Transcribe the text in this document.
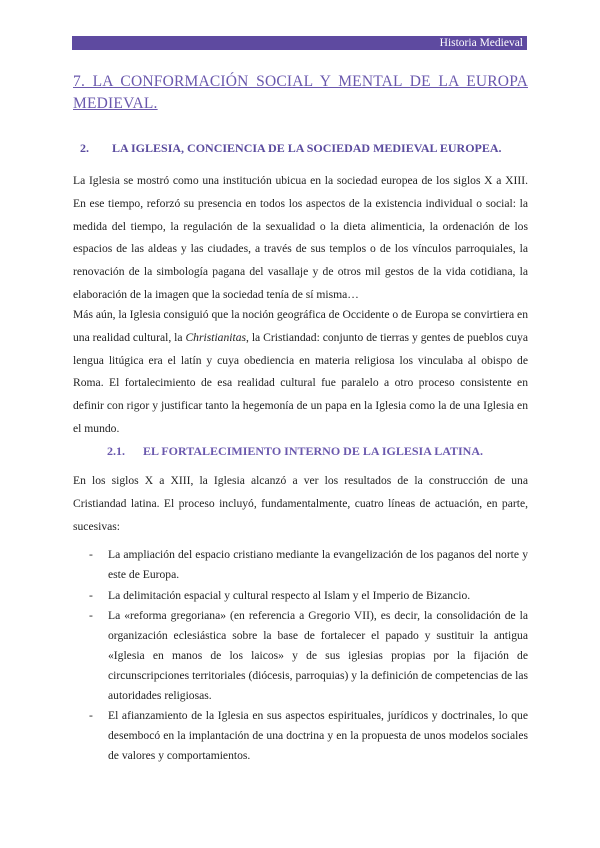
Historia Medieval
7. LA CONFORMACIÓN SOCIAL Y MENTAL DE LA EUROPA
MEDIEVAL.
2. LA IGLESIA, CONCIENCIA DE LA SOCIEDAD MEDIEVAL EUROPEA.

La Iglesia se mostró como una institución ubicua en la sociedad europea de los siglos X a XIII. En ese tiempo, reforzó su presencia en todos los aspectos de la existencia individual o social: la medida del tiempo, la regulación de la sexualidad o la dieta alimenticia, la ordenación de los espacios de las aldeas y las ciudades, a través de sus templos o de los vínculos parroquiales, la renovación de la simbología pagana del vasallaje y de otros mil gestos de la vida cotidiana, la elaboración de la imagen que la sociedad tenía de sí misma…

Más aún, la Iglesia consiguió que la noción geográfica de Occidente o de Europa se convirtiera en una realidad cultural, la Christianitas, la Cristiandad: conjunto de tierras y gentes de pueblos cuya lengua litúgica era el latín y cuya obediencia en materia religiosa los vinculaba al obispo de Roma. El fortalecimiento de esa realidad cultural fue paralelo a otro proceso consistente en definir con rigor y justificar tanto la hegemonía de un papa en la Iglesia como la de una Iglesia en el mundo.

2.1. EL FORTALECIMIENTO INTERNO DE LA IGLESIA LATINA.

En los siglos X a XIII, la Iglesia alcanzó a ver los resultados de la construcción de una Cristiandad latina. El proceso incluyó, fundamentalmente, cuatro líneas de actuación, en parte, sucesivas:

- La ampliación del espacio cristiano mediante la evangelización de los paganos del norte y este de Europa.
- La delimitación espacial y cultural respecto al Islam y el Imperio de Bizancio.
- La «reforma gregoriana» (en referencia a Gregorio VII), es decir, la consolidación de la organización eclesiástica sobre la base de fortalecer el papado y sustituir la antigua «Iglesia en manos de los laicos» y de sus iglesias propias por la fijación de circunscripciones territoriales (diócesis, parroquias) y la definición de competencias de las autoridades religiosas.
- El afianzamiento de la Iglesia en sus aspectos espirituales, jurídicos y doctrinales, lo que desembocó en la implantación de una doctrina y en la propuesta de unos modelos sociales de valores y comportamientos.
